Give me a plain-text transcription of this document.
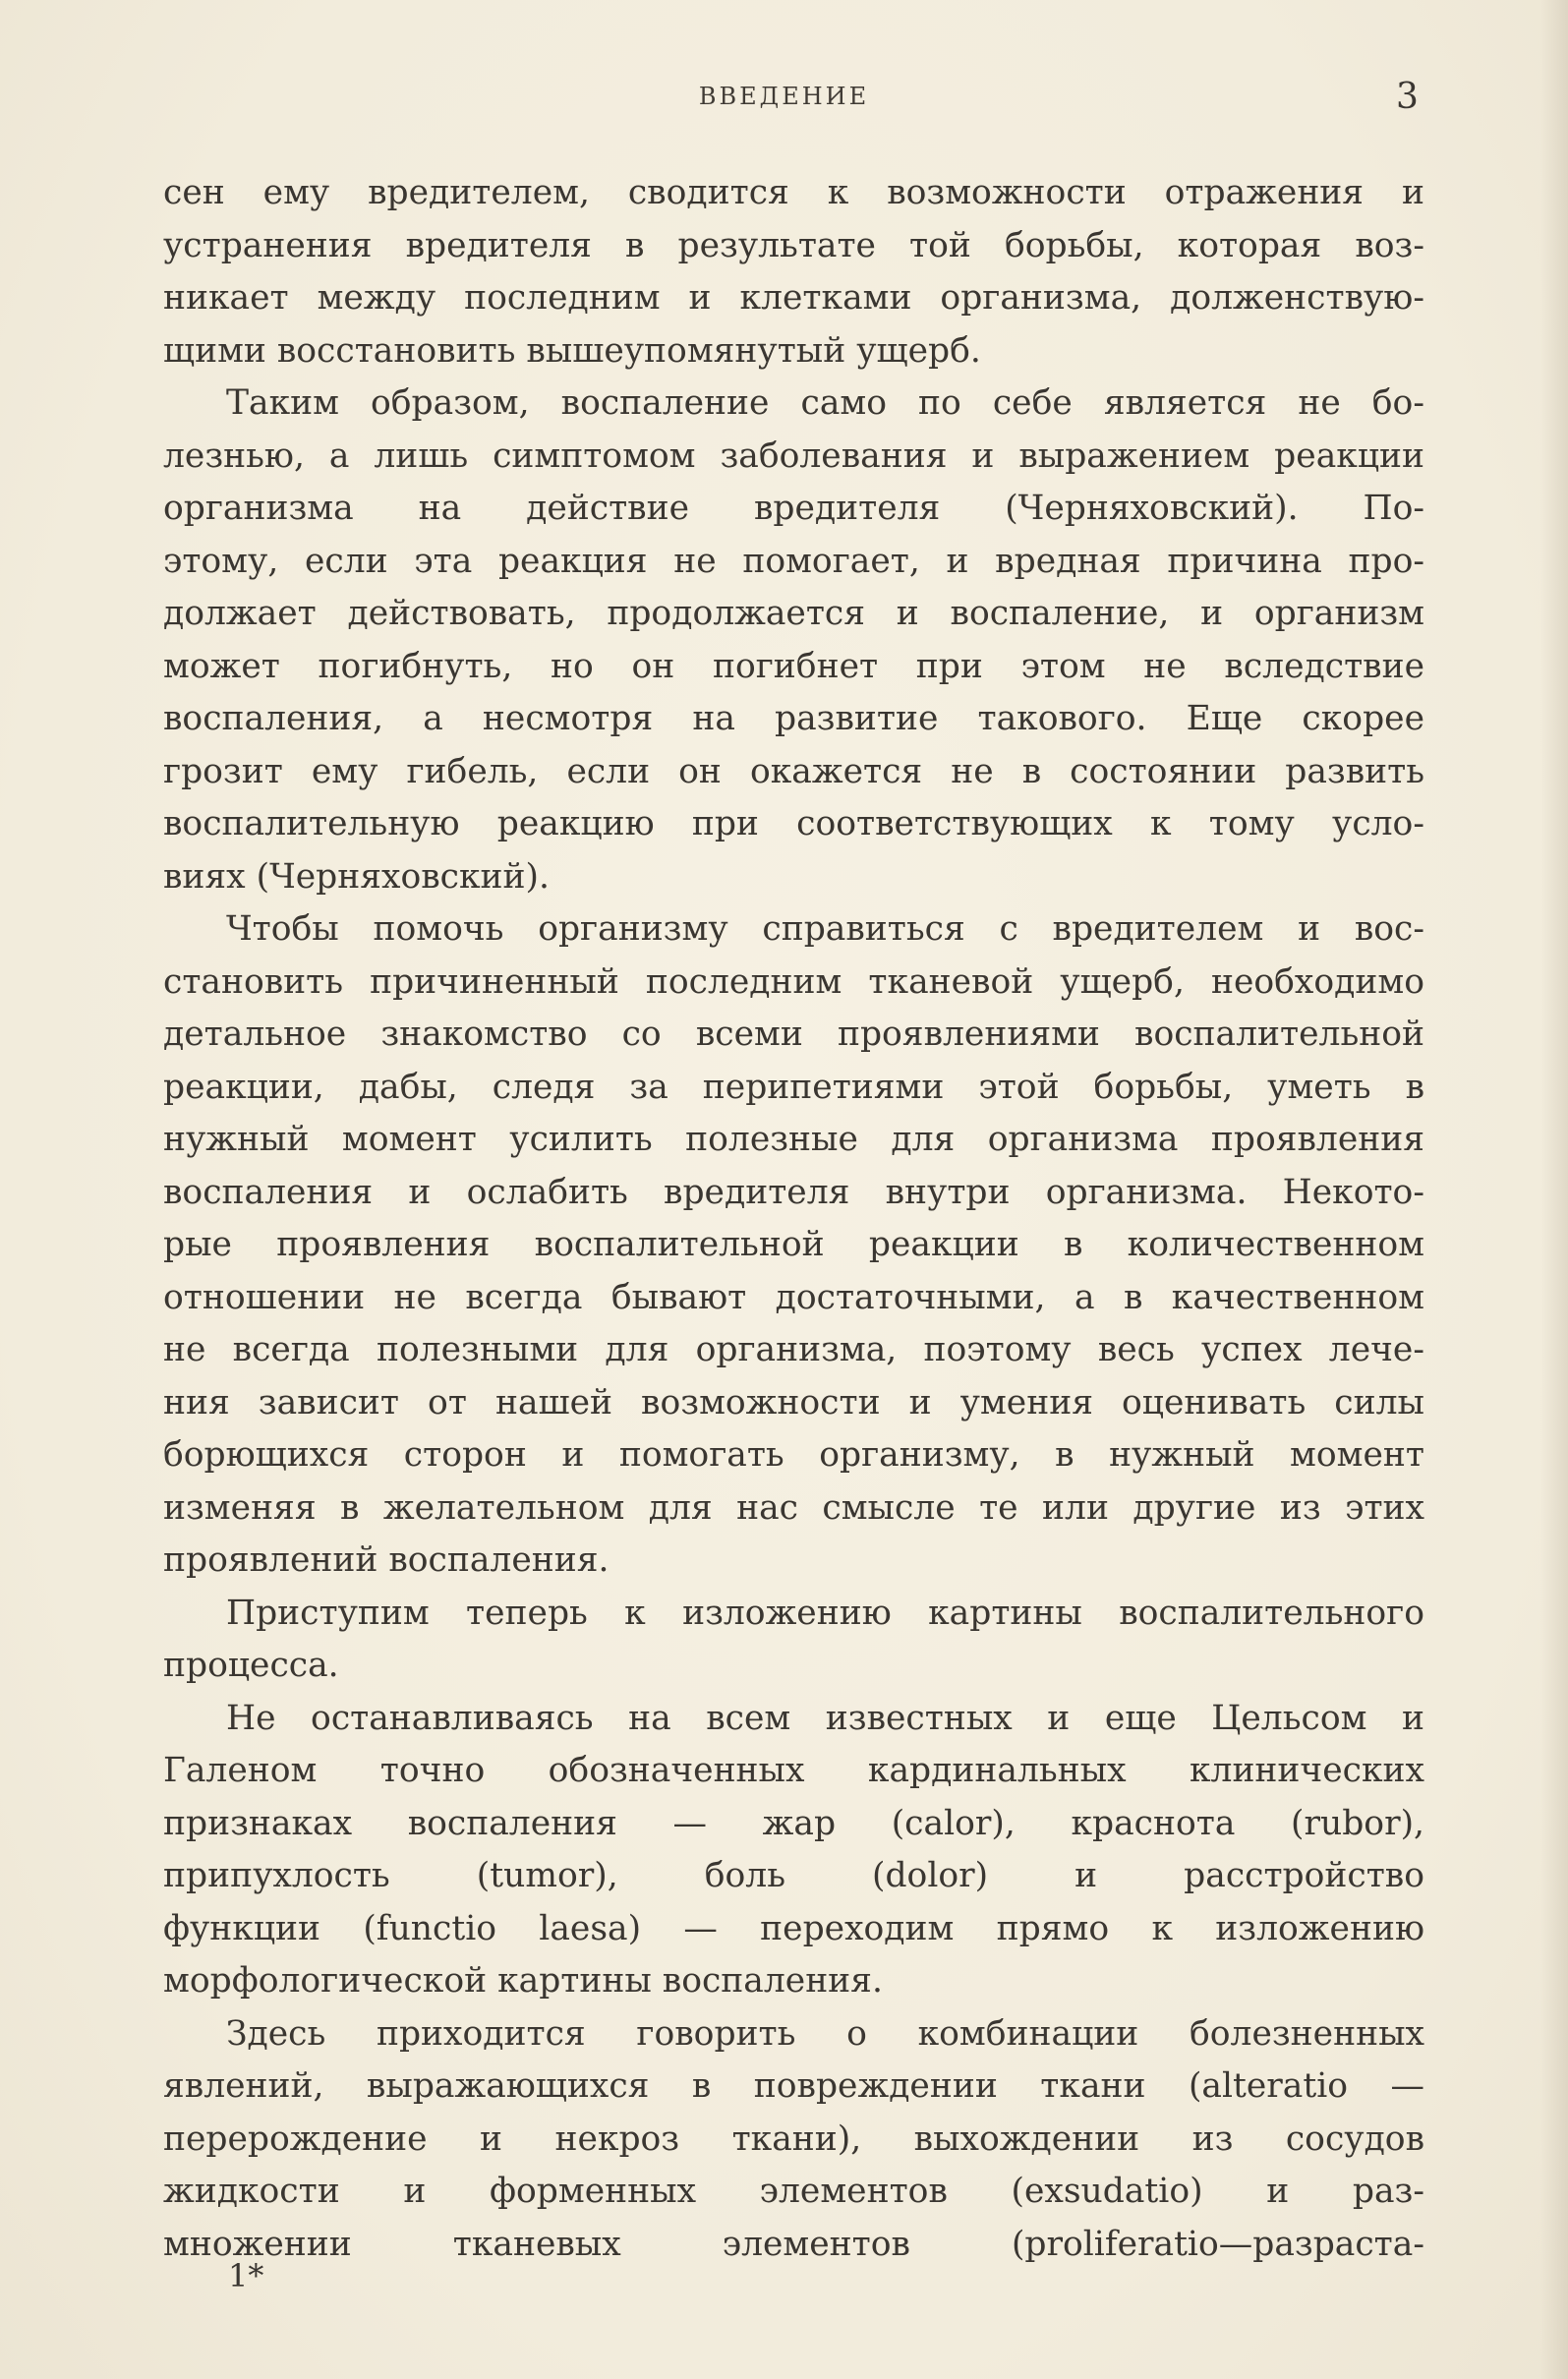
ВВЕДЕНИЕ	3
сен ему вредителем, сводится к возможности отражения и
устранения вредителя в результате той борьбы, которая воз-
никает между последним и клетками организма, долженствую-
щими восстановить вышеупомянутый ущерб.
Таким образом, воспаление само по себе является не бо-
лезнью, а лишь симптомом заболевания и выражением реакции
организма на действие вредителя (Черняховский). По-
этому, если эта реакция не помогает, и вредная причина про-
должает действовать, продолжается и воспаление, и организм
может погибнуть, но он погибнет при этом не вследствие
воспаления, а несмотря на развитие такового. Еще скорее
грозит ему гибель, если он окажется не в состоянии развить
воспалительную реакцию при соответствующих к тому усло-
виях (Черняховский).
Чтобы помочь организму справиться с вредителем и вос-
становить причиненный последним тканевой ущерб, необходимо
детальное знакомство со всеми проявлениями воспалительной
реакции, дабы, следя за перипетиями этой борьбы, уметь в
нужный момент усилить полезные для организма проявления
воспаления и ослабить вредителя внутри организма. Некото-
рые проявления воспалительной реакции в количественном
отношении не всегда бывают достаточными, а в качественном
не всегда полезными для организма, поэтому весь успех лече-
ния зависит от нашей возможности и умения оценивать силы
борющихся сторон и помогать организму, в нужный момент
изменяя в желательном для нас смысле те или другие из этих
проявлений воспаления.
Приступим теперь к изложению картины воспалительного
процесса.
Не останавливаясь на всем известных и еще Цельсом и
Галеном точно обозначенных кардинальных клинических
признаках воспаления — жар (calor), краснота (rubor),
припухлость (tumor), боль (dolor) и расстройство
функции (functio laesa) — переходим прямо к изложению
морфологической картины воспаления.
Здесь приходится говорить о комбинации болезненных
явлений, выражающихся в повреждении ткани (alteratio —
перерождение и некроз ткани), выхождении из сосудов
жидкости и форменных элементов (exsudatio) и раз-
множении тканевых элементов (proliferatio—разраста-
1*
